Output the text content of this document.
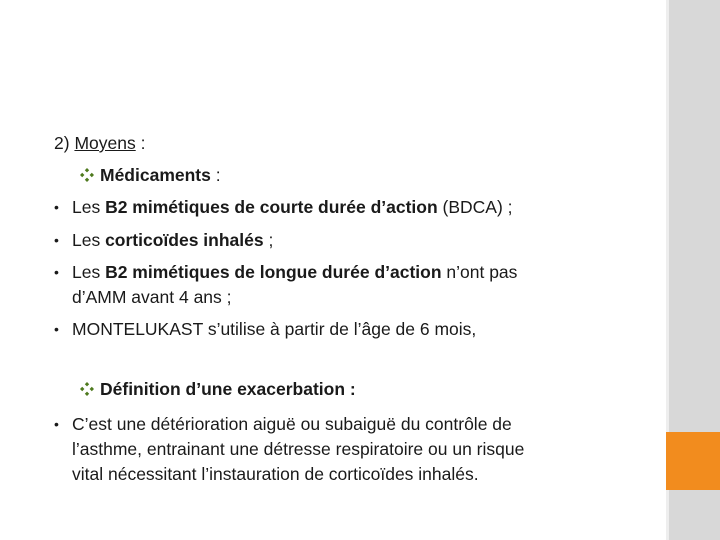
2) Moyens :
Médicaments :
• Les B2 mimétiques de courte durée d’action (BDCA) ;
• Les corticoïdes inhalés ;
• Les B2 mimétiques de longue durée d’action n’ont pas
d’AMM avant 4 ans ;
• MONTELUKAST s’utilise à partir de l’âge de 6 mois,
Définition d’une exacerbation :
• C’est une détérioration aiguë ou subaiguë du contrôle de
l’asthme, entrainant une détresse respiratoire ou un risque
vital nécessitant l’instauration de corticoïdes inhalés.
